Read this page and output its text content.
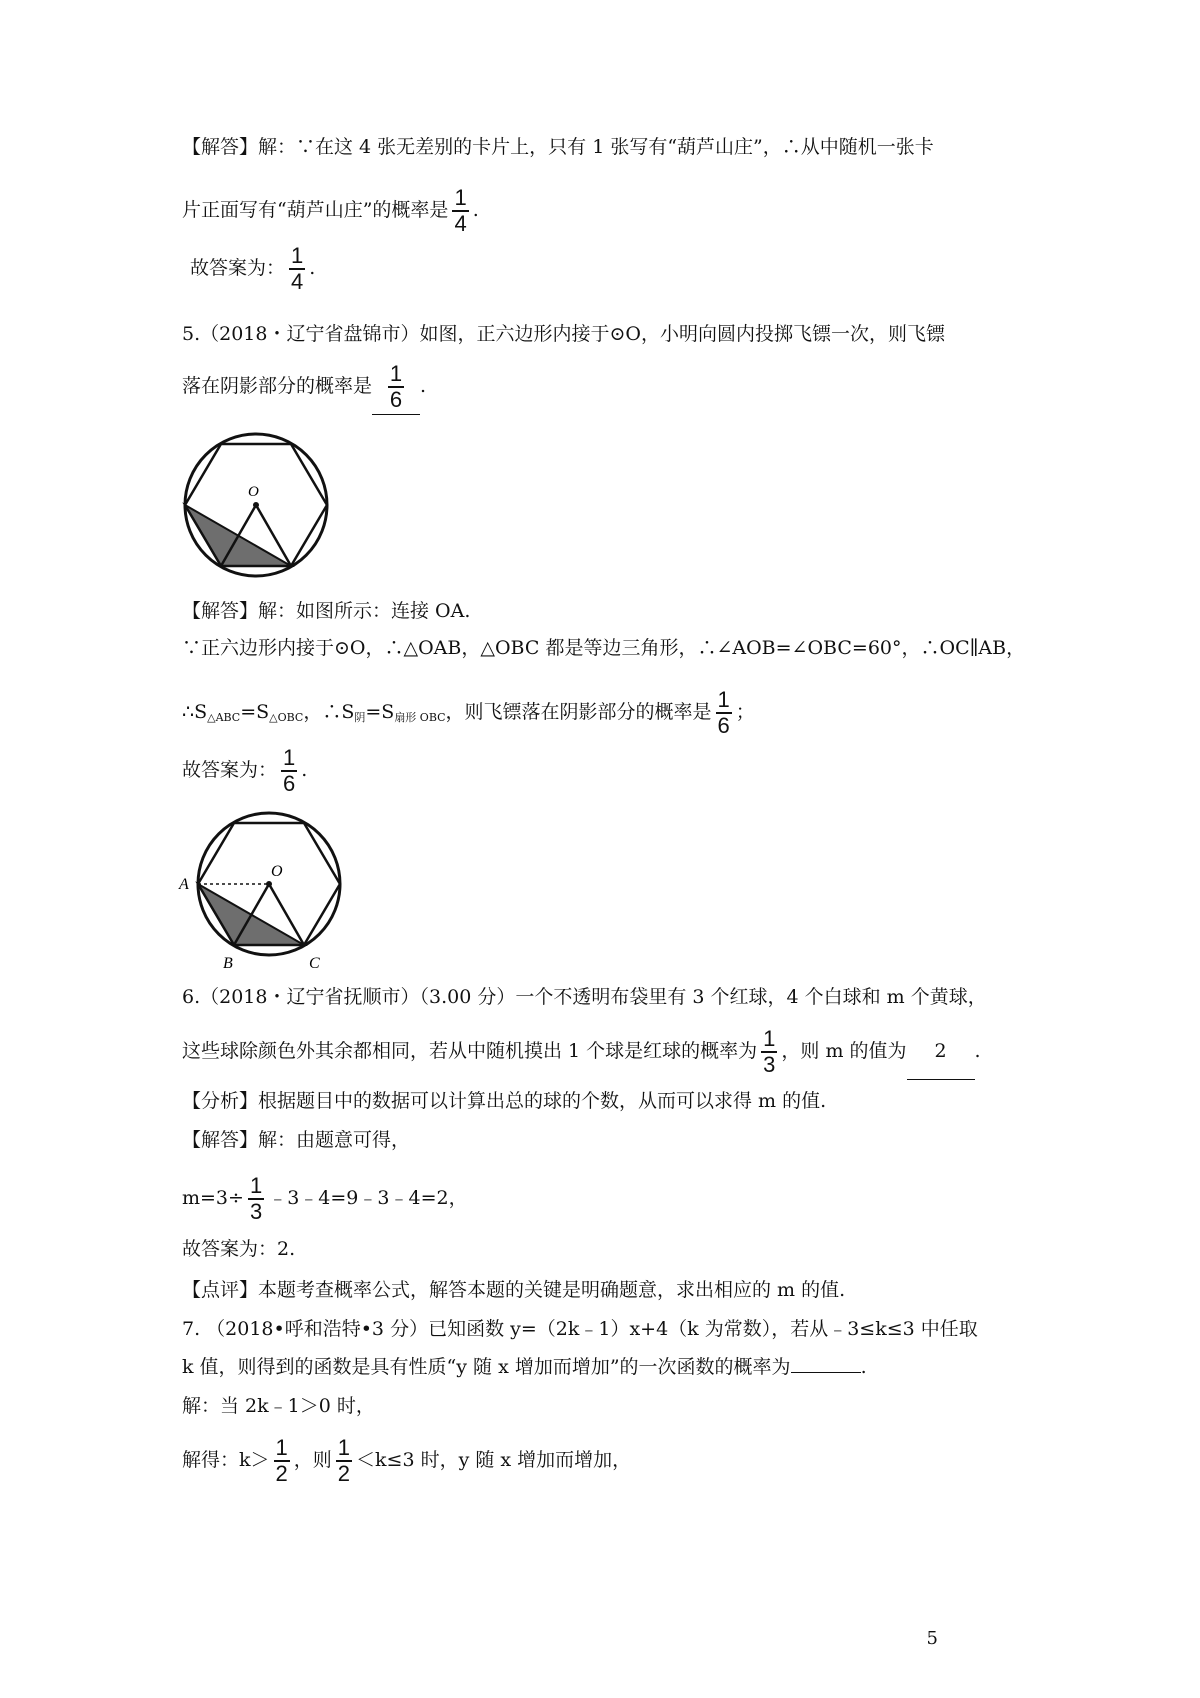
【解答】解：∵在这 4 张无差别的卡片上，只有 1 张写有“葫芦山庄”，∴从中随机一张卡
片正面写有“葫芦山庄”的概率是 $\frac{1}{4}$ .
故答案为： $\frac{1}{4}$ .
5.（2018・辽宁省盘锦市）如图，正六边形内接于⊙O，小明向圆内投掷飞镖一次，则飞镖
落在阴影部分的概率是 $\frac{1}{6}$ .
O
【解答】解：如图所示：连接 OA.
∵正六边形内接于⊙O，∴△OAB，△OBC 都是等边三角形，∴∠AOB=∠OBC=60°，∴OC∥AB，
$\therefore S_{\triangle ABC}=S_{\triangle OBC}$，$\therefore S_阴=S_{扇形 OBC}$，则飞镖落在阴影部分的概率是 $\frac{1}{6}$ ；
故答案为： $\frac{1}{6}$ .
A
O
B	C
6.（2018・辽宁省抚顺市）（3.00 分）一个不透明布袋里有 3 个红球，4 个白球和 m 个黄球，
这些球除颜色外其余都相同，若从中随机摸出 1 个球是红球的概率为 $\frac{1}{3}$ ，则 m 的值为 2 .
【分析】根据题目中的数据可以计算出总的球的个数，从而可以求得 m 的值.
【解答】解：由题意可得，
$m=3\div \frac{1}{3}$ ﹣3﹣4=9﹣3﹣4=2，
故答案为：2.
【点评】本题考查概率公式，解答本题的关键是明确题意，求出相应的 m 的值.
7. （2018•呼和浩特•3 分）已知函数 y=（2k﹣1）x+4（k 为常数），若从﹣3≤k≤3 中任取
k 值，则得到的函数是具有性质“y 随 x 增加而增加”的一次函数的概率为	.
解：当 2k﹣1＞0 时，
解得：$k> \frac{1}{2}$ ，则 $\frac{1}{2} <k\le 3$ 时，y 随 x 增加而增加，
5
